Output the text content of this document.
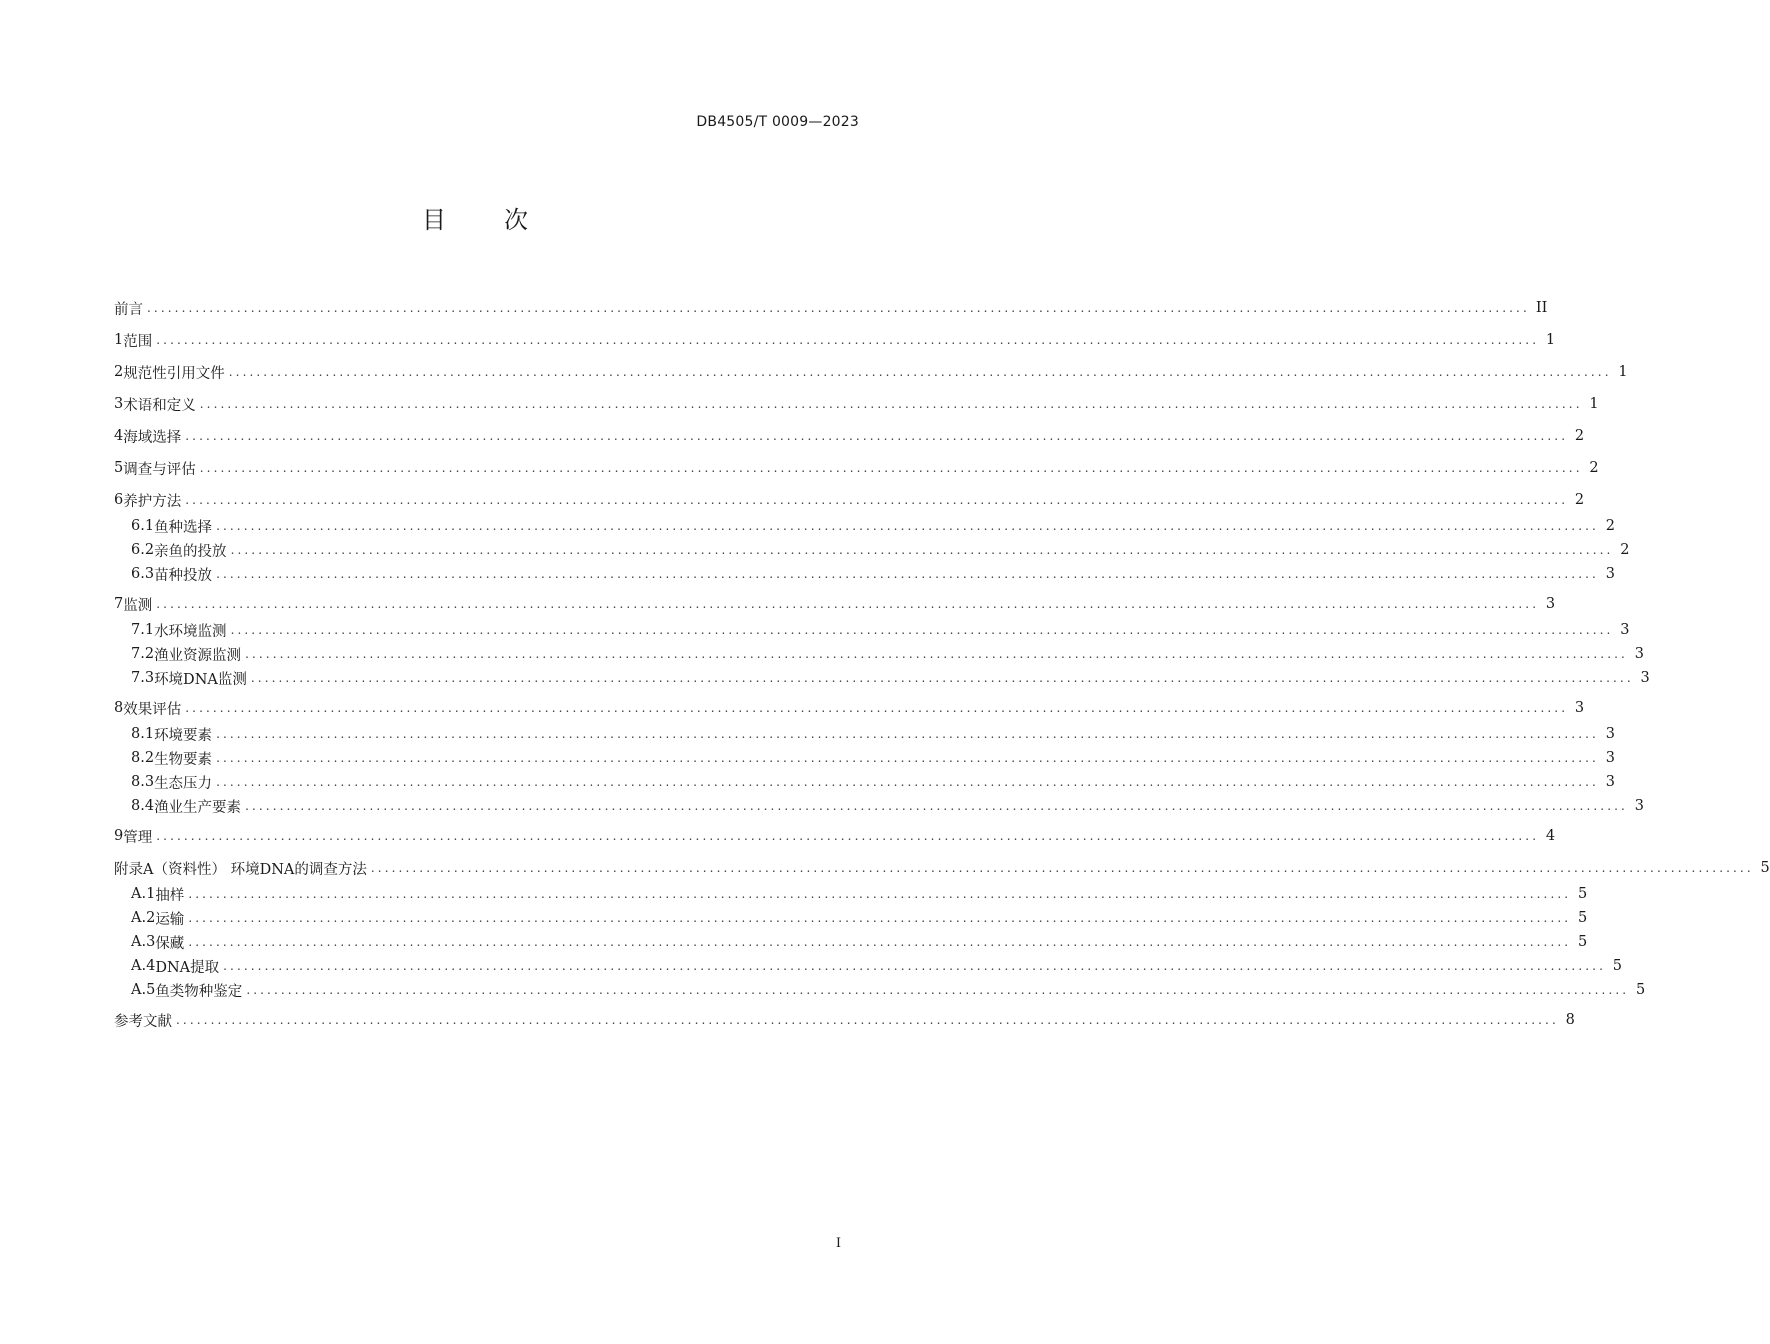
DB4505/T 0009—2023
目 次
前言 ........................................................................................................................................................................................................ II
1 范围 ........................................................................................................................................................................................................ 1
2 规范性引用文件 ........................................................................................................................................................................................................ 1
3 术语和定义 ........................................................................................................................................................................................................ 1
4 海域选择 ........................................................................................................................................................................................................ 2
5 调查与评估 ........................................................................................................................................................................................................ 2
6 养护方法 ........................................................................................................................................................................................................ 2
6.1 鱼种选择 ........................................................................................................................................................................................................ 2
6.2 亲鱼的投放 ........................................................................................................................................................................................................ 2
6.3 苗种投放 ........................................................................................................................................................................................................ 3
7 监测 ........................................................................................................................................................................................................ 3
7.1 水环境监测 ........................................................................................................................................................................................................ 3
7.2 渔业资源监测 ........................................................................................................................................................................................................ 3
7.3 环境DNA监测 ........................................................................................................................................................................................................ 3
8 效果评估 ........................................................................................................................................................................................................ 3
8.1 环境要素 ........................................................................................................................................................................................................ 3
8.2 生物要素 ........................................................................................................................................................................................................ 3
8.3 生态压力 ........................................................................................................................................................................................................ 3
8.4 渔业生产要素 ........................................................................................................................................................................................................ 3
9 管理 ........................................................................................................................................................................................................ 4
附录A（资料性） 环境DNA的调查方法 ........................................................................................................................................................................................................ 5
A.1 抽样 ........................................................................................................................................................................................................ 5
A.2 运输 ........................................................................................................................................................................................................ 5
A.3 保藏 ........................................................................................................................................................................................................ 5
A.4 DNA提取 ........................................................................................................................................................................................................ 5
A.5 鱼类物种鉴定 ........................................................................................................................................................................................................ 5
参考文献 ........................................................................................................................................................................................................ 8
I
